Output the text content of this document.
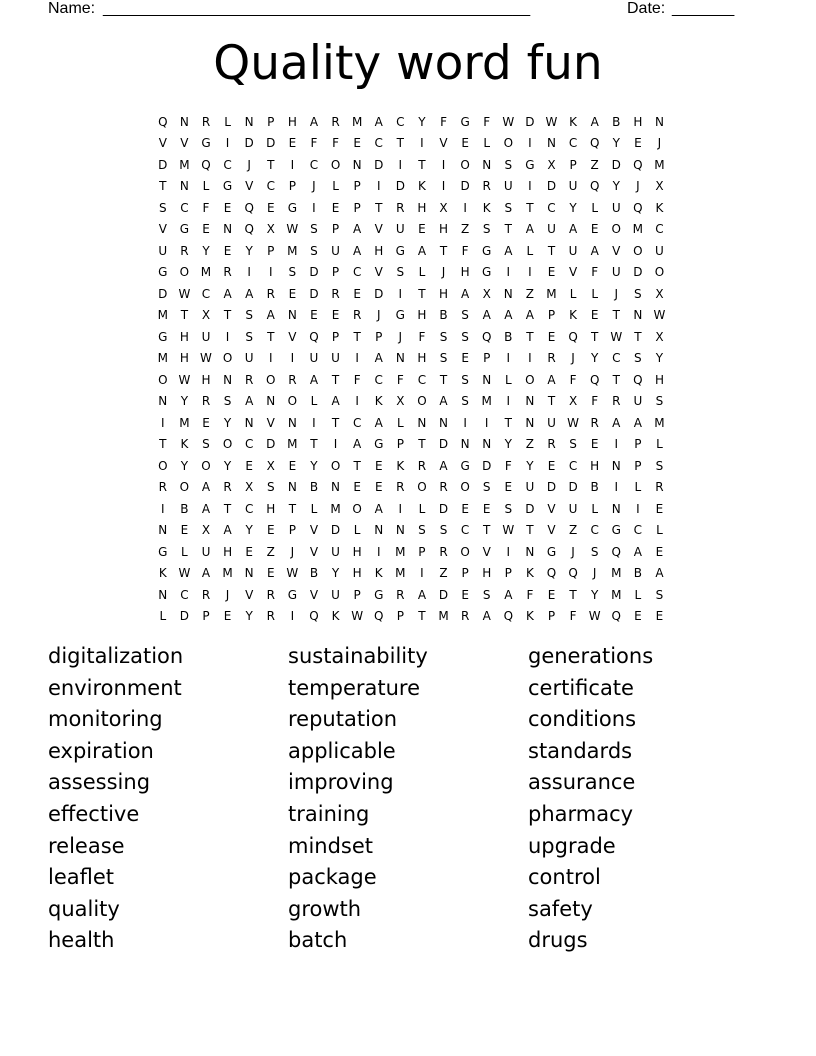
Name: ________________________________________________	Date: _______
Quality word fun
Q	N	R	L	N	P	H	A	R	M	A	C	Y	F	G	F	W D W K	A	B	H	N
V	V	G	I	D	D	E	F	F	E	C	T	I	V	E	L	O	I	N	C	Q	Y	E	J
D M Q	C	J	T	I	C	O	N	D	I	T	I	O	N	S	G	X	P	Z	D	Q M
T	N	L	G	V	C	P	J	L	P	I	D	K	I	D	R	U	I	D	U	Q	Y	J	X
S	C	F	E	Q	E	G	I	E	P	T	R	H	X	I	K	S	T	C	Y	L	U	Q	K
V	G	E	N	Q	X W S	P	A	V	U	E	H	Z	S	T	A	U	A	E	O M	C
U	R	Y	E	Y	P	M	S	U	A	H	G	A	T	F	G	A	L	T	U	A	V	O	U
G	O M	R	I	I	S	D	P	C	V	S	L	J	H	G	I	I	E	V	F	U	D	O
D W C	A	A	R	E	D	R	E	D	I	T	H	A	X	N	Z	M	L	L	J	S	X
M	T	X	T	S	A	N	E	E	R	J	G	H	B	S	A	A	A	P	K	E	T	N W
G	H	U	I	S	T	V	Q	P	T	P	J	F	S	S	Q	B	T	E	Q	T W T	X
M H W O	U	I	I	U	U	I	A	N	H	S	E	P	I	I	R	J	Y	C	S	Y
O W H	N	R	O	R	A	T	F	C	F	C	T	S	N	L	O	A	F	Q	T	Q	H
N	Y	R	S	A	N	O	L	A	I	K	X	O	A	S	M	I	N	T	X	F	R	U	S
I	M	E	Y	N	V	N	I	T	C	A	L	N	N	I	I	T	N	U W R	A	A	M
T	K	S	O	C	D M	T	I	A	G	P	T	D	N	N	Y	Z	R	S	E	I	P	L
O	Y	O	Y	E	X	E	Y	O	T	E	K	R	A	G	D	F	Y	E	C	H	N	P	S
R	O	A	R	X	S	N	B	N	E	E	R	O	R	O	S	E	U	D	D	B	I	L	R
I	B	A	T	C	H	T	L	M O	A	I	L	D	E	E	S	D	V	U	L	N	I	E
N	E	X	A	Y	E	P	V	D	L	N	N	S	S	C	T W T	V	Z	C	G	C	L
G	L	U	H	E	Z	J	V	U	H	I	M	P	R	O	V	I	N	G	J	S	Q	A	E
K W A	M N	E W B	Y	H	K	M	I	Z	P	H	P	K	Q	Q	J	M	B	A
N	C	R	J	V	R	G	V	U	P	G	R	A	D	E	S	A	F	E	T	Y	M	L	S
L	D	P	E	Y	R	I	Q	K W Q	P	T	M	R	A	Q	K	P	F	W Q	E	E
digitalization	sustainability	generations
environment	temperature	certificate
monitoring	reputation	conditions
expiration	applicable	standards
assessing	improving	assurance
effective	training	pharmacy
release	mindset	upgrade
leaflet	package	control
quality	growth	safety
health	batch	drugs
